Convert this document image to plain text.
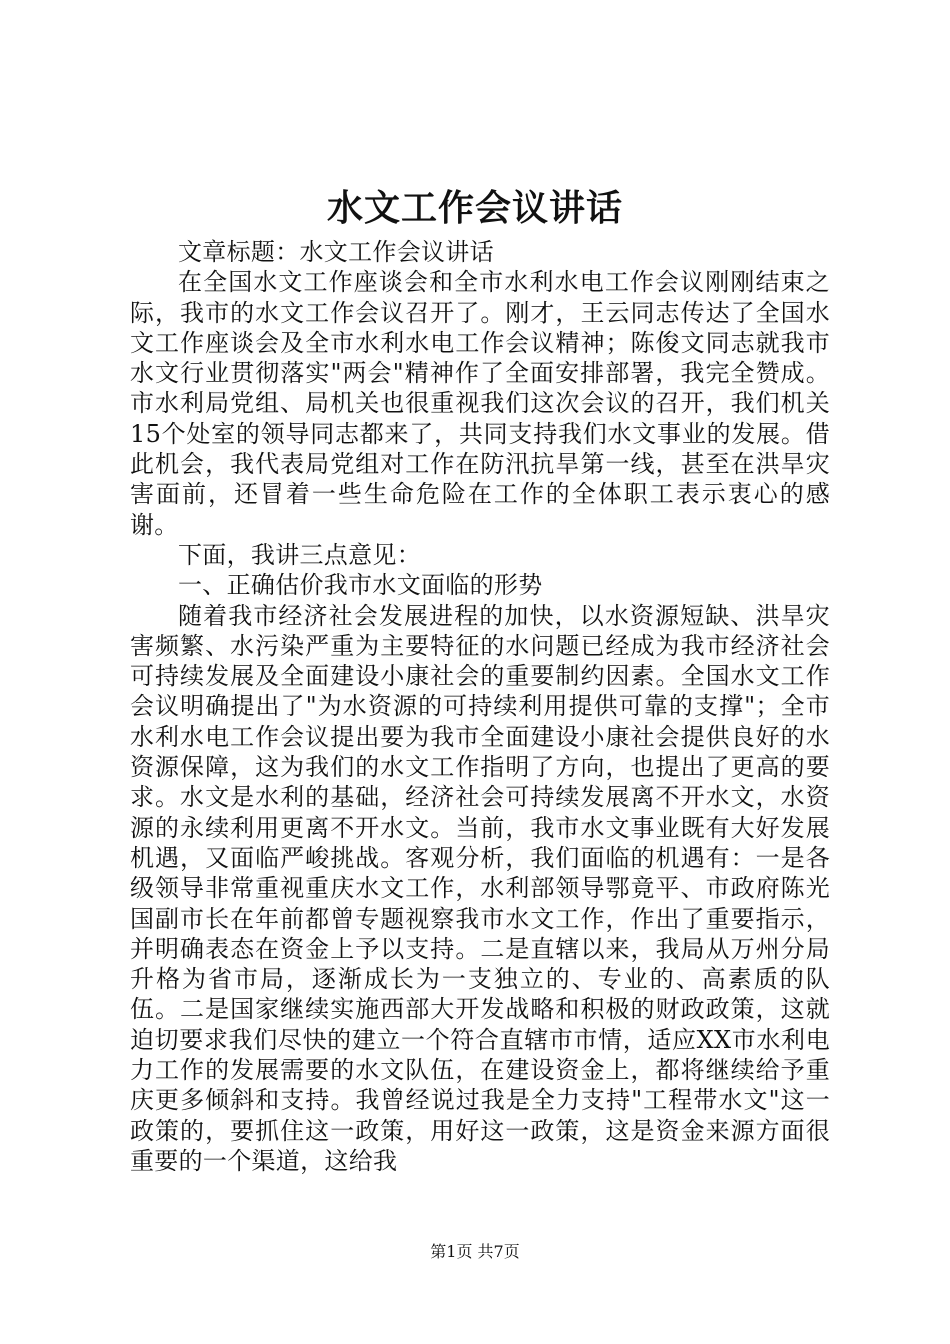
水文工作会议讲话

文章标题：水文工作会议讲话

在全国水文工作座谈会和全市水利水电工作会议刚刚结束之际，我市的水文工作会议召开了。刚才，王云同志传达了全国水文工作座谈会及全市水利水电工作会议精神；陈俊文同志就我市水文行业贯彻落实"两会"精神作了全面安排部署，我完全赞成。市水利局党组、局机关也很重视我们这次会议的召开，我们机关15个处室的领导同志都来了，共同支持我们水文事业的发展。借此机会，我代表局党组对工作在防汛抗旱第一线，甚至在洪旱灾害面前，还冒着一些生命危险在工作的全体职工表示衷心的感谢。

下面，我讲三点意见：

一、正确估价我市水文面临的形势

随着我市经济社会发展进程的加快，以水资源短缺、洪旱灾害频繁、水污染严重为主要特征的水问题已经成为我市经济社会可持续发展及全面建设小康社会的重要制约因素。全国水文工作会议明确提出了"为水资源的可持续利用提供可靠的支撑"；全市水利水电工作会议提出要为我市全面建设小康社会提供良好的水资源保障，这为我们的水文工作指明了方向，也提出了更高的要求。水文是水利的基础，经济社会可持续发展离不开水文，水资源的永续利用更离不开水文。当前，我市水文事业既有大好发展机遇，又面临严峻挑战。客观分析，我们面临的机遇有：一是各级领导非常重视重庆水文工作，水利部领导鄂竟平、市政府陈光国副市长在年前都曾专题视察我市水文工作，作出了重要指示，并明确表态在资金上予以支持。二是直辖以来，我局从万州分局升格为省市局，逐渐成长为一支独立的、专业的、高素质的队伍。二是国家继续实施西部大开发战略和积极的财政政策，这就迫切要求我们尽快的建立一个符合直辖市市情，适应XX市水利电力工作的发展需要的水文队伍，在建设资金上，都将继续给予重庆更多倾斜和支持。我曾经说过我是全力支持"工程带水文"这一政策的，要抓住这一政策，用好这一政策，这是资金来源方面很重要的一个渠道，这给我

第1页 共7页
